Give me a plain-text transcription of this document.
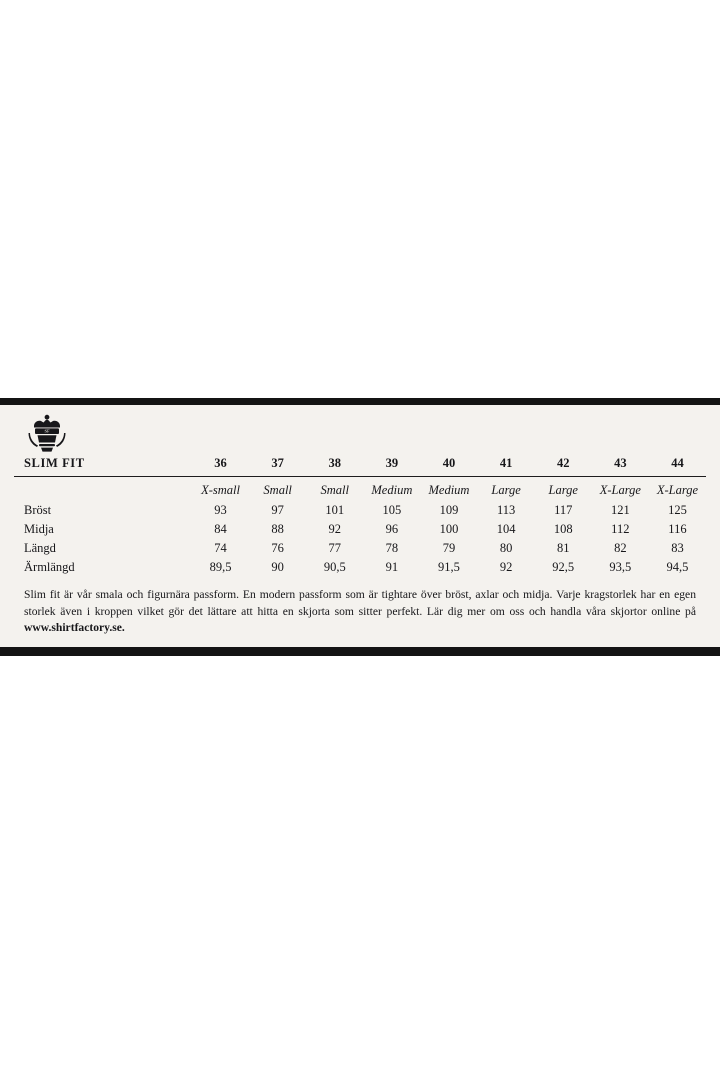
SF
SLIM FIT	36	37	38	39	40	41	42	43	44
	X-small	Small	Small	Medium	Medium	Large	Large	X-Large	X-Large
Bröst	93	97	101	105	109	113	117	121	125
Midja	84	88	92	96	100	104	108	112	116
Längd	74	76	77	78	79	80	81	82	83
Ärmlängd	89,5	90	90,5	91	91,5	92	92,5	93,5	94,5

Slim fit är vår smala och figurnära passform. En modern passform som är tightare över bröst, axlar och midja. Varje kragstorlek har en egen storlek även i kroppen vilket gör det lättare att hitta en skjorta som sitter perfekt. Lär dig mer om oss och handla våra skjortor online på www.shirtfactory.se.
